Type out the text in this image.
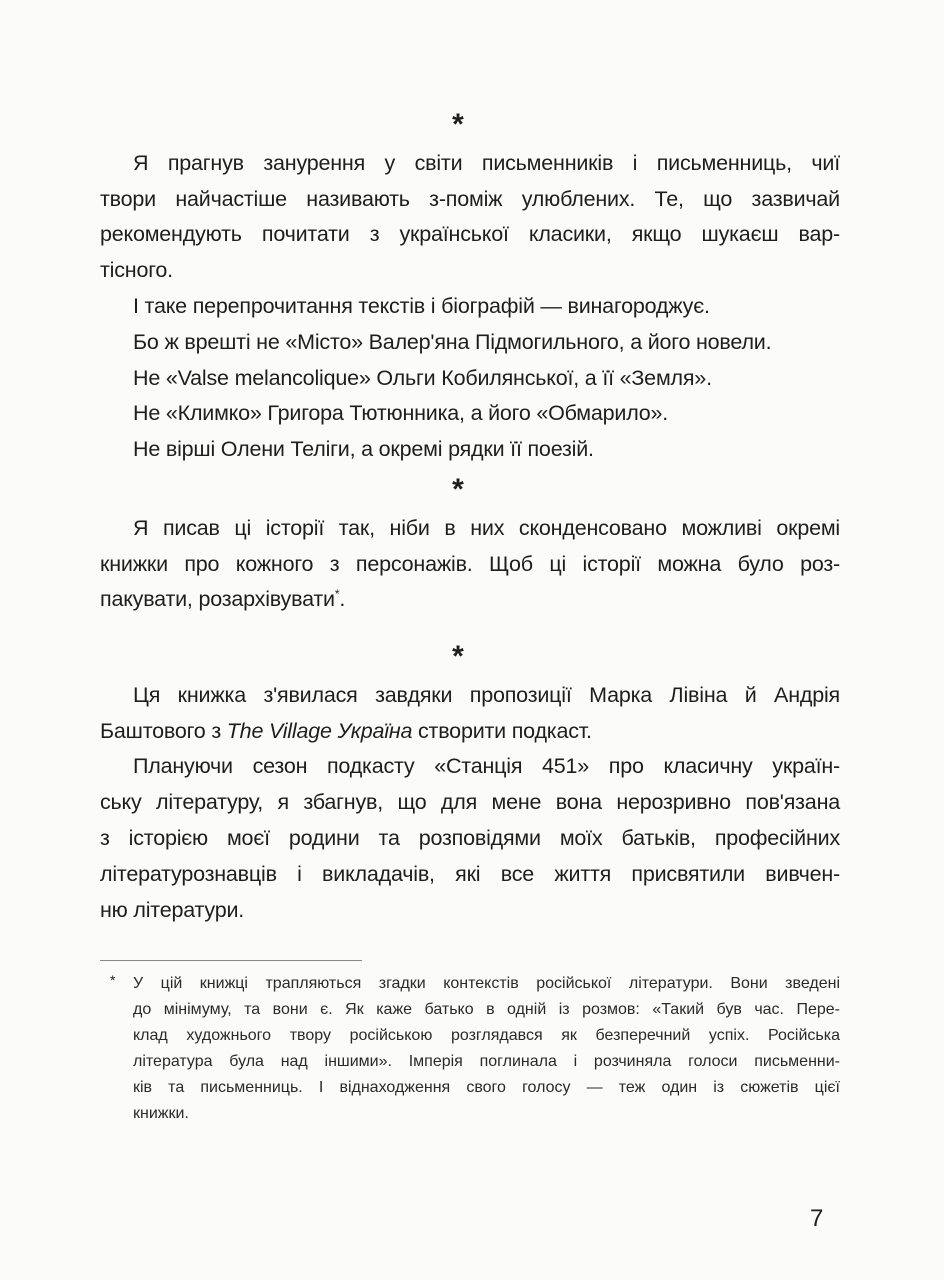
*
Я прагнув занурення у світи письменників і письменниць, чиї
твори найчастіше називають з-поміж улюблених. Те, що зазвичай
рекомендують почитати з української класики, якщо шукаєш вар-
тісного.
І таке перепрочитання текстів і біографій — винагороджує.
Бо ж врешті не «Місто» Валер'яна Підмогильного, а його новели.
Не «Valse melancolique» Ольги Кобилянської, а її «Земля».
Не «Климко» Григора Тютюнника, а його «Обмарило».
Не вірші Олени Теліги, а окремі рядки її поезій.
*
Я писав ці історії так, ніби в них сконденсовано можливі окремі
книжки про кожного з персонажів. Щоб ці історії можна було роз-
пакувати, розархівувати*.
*
Ця книжка з'явилася завдяки пропозиції Марка Лівіна й Андрія
Баштового з The Village Україна створити подкаст.
Плануючи сезон подкасту «Станція 451» про класичну україн-
ську літературу, я збагнув, що для мене вона нерозривно пов'язана
з історією моєї родини та розповідями моїх батьків, професійних
літературознавців і викладачів, які все життя присвятили вивчен-
ню літератури.
* У цій книжці трапляються згадки контекстів російської літератури. Вони зведені
до мінімуму, та вони є. Як каже батько в одній із розмов: «Такий був час. Пере-
клад художнього твору російською розглядався як безперечний успіх. Російська
література була над іншими». Імперія поглинала і розчиняла голоси письменни-
ків та письменниць. І віднаходження свого голосу — теж один із сюжетів цієї
книжки.
7
